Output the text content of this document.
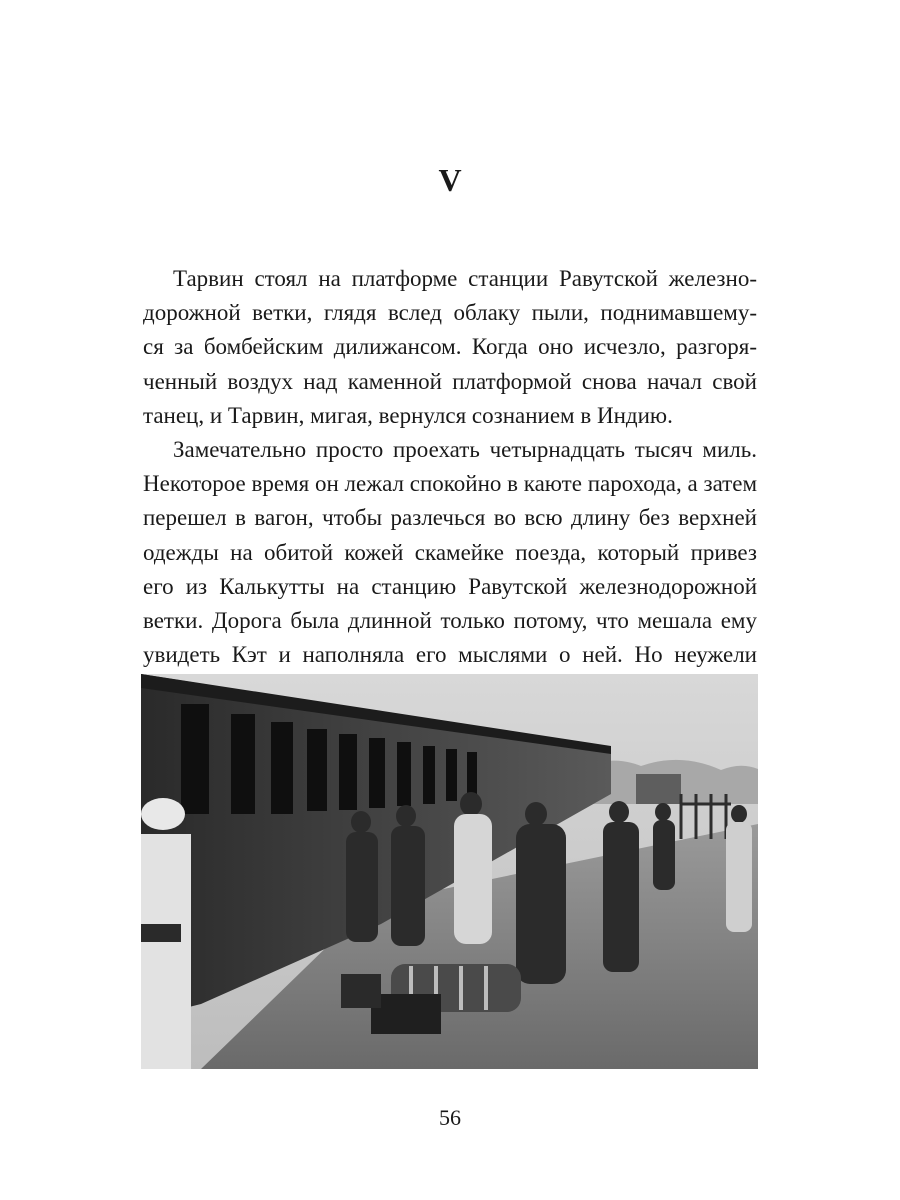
V
Тарвин стоял на платформе станции Равутской железно-
дорожной ветки, глядя вслед облаку пыли, поднимавшему-
ся за бомбейским дилижансом. Когда оно исчезло, разгоря-
ченный воздух над каменной платформой снова начал свой
танец, и Тарвин, мигая, вернулся сознанием в Индию.
Замечательно просто проехать четырнадцать тысяч миль.
Некоторое время он лежал спокойно в каюте парохода, а затем
перешел в вагон, чтобы разлечься во всю длину без верхней
одежды на обитой кожей скамейке поезда, который привез
его из Калькутты на станцию Равутской железнодорожной
ветки. Дорога была длинной только потому, что мешала ему
увидеть Кэт и наполняла его мыслями о ней. Но неужели
56
